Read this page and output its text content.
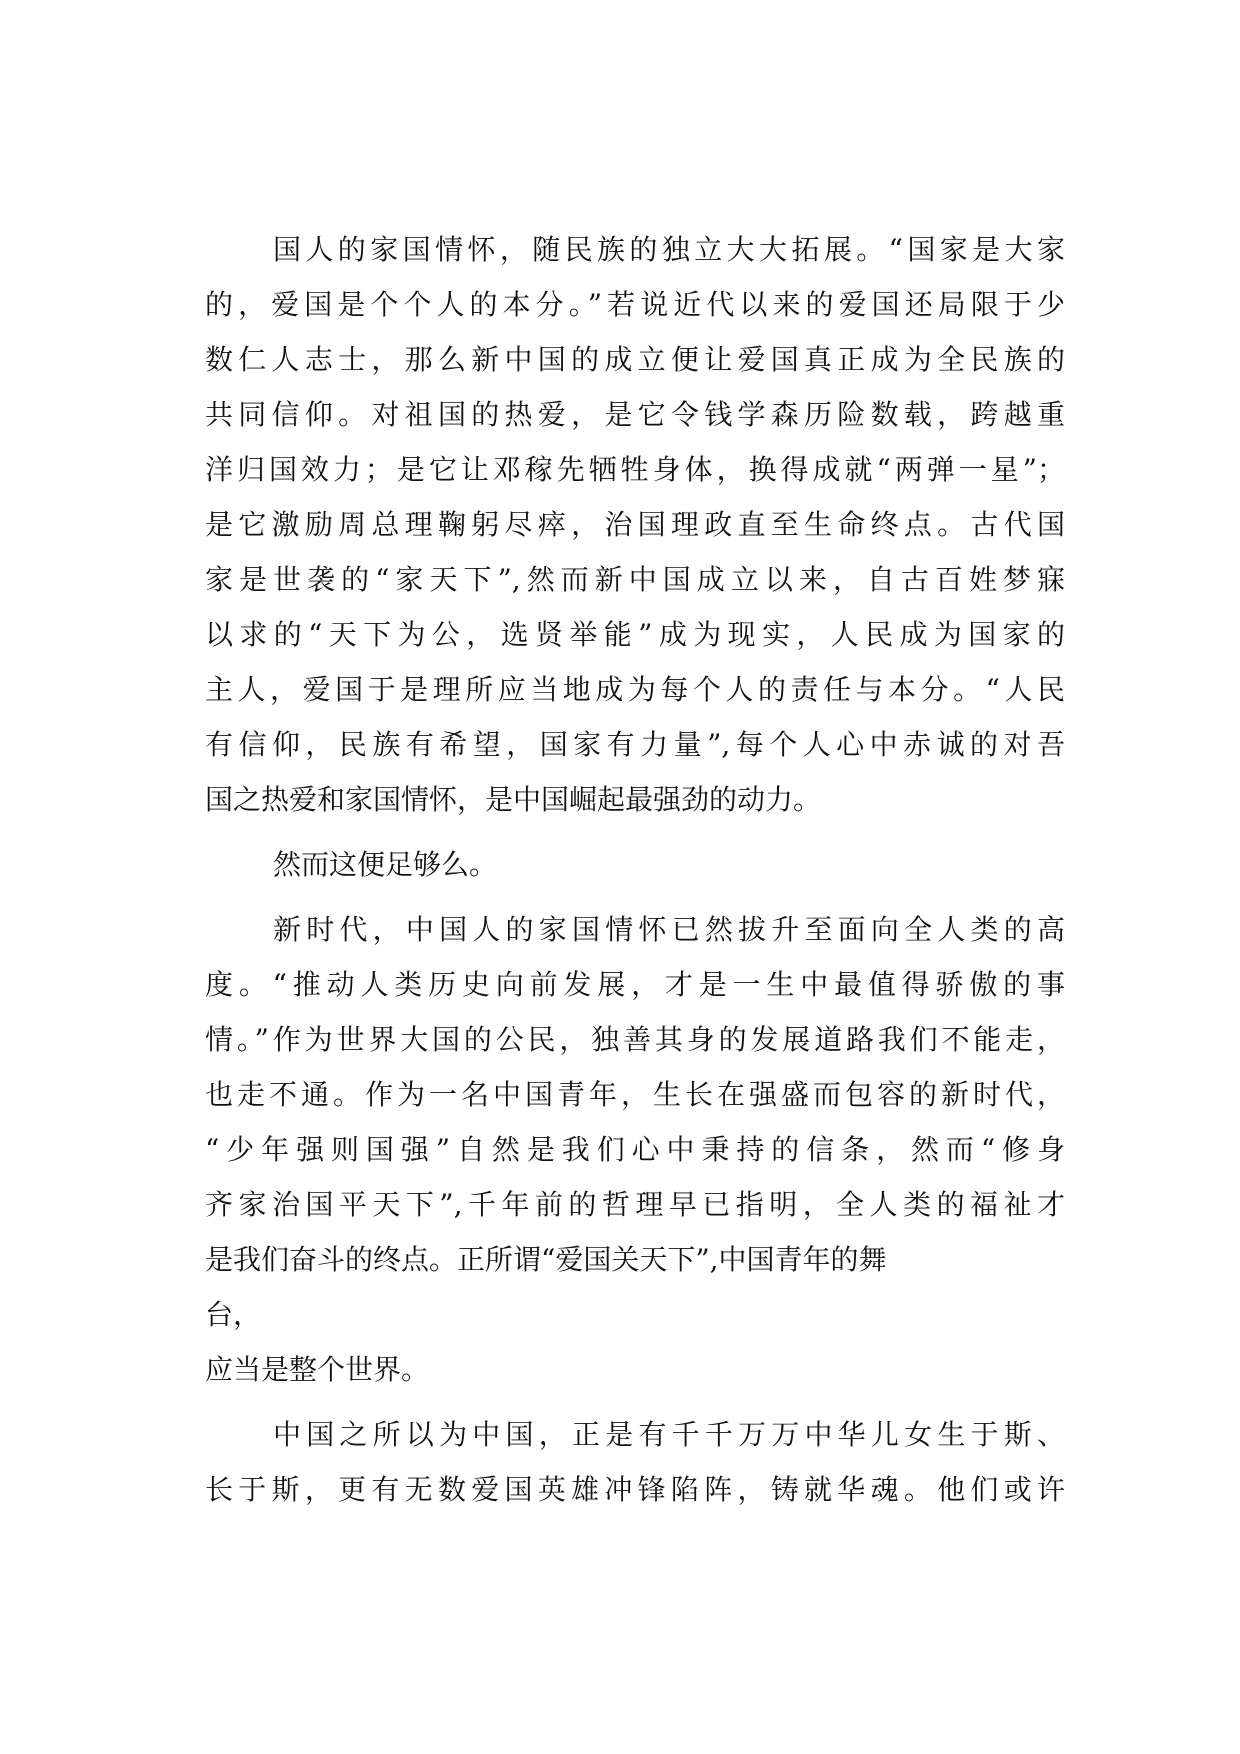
国人的家国情怀，随民族的独立大大拓展。“国家是大家
的，爱国是个个人的本分。”若说近代以来的爱国还局限于少
数仁人志士，那么新中国的成立便让爱国真正成为全民族的
共同信仰。对祖国的热爱，是它令钱学森历险数载，跨越重
洋归国效力；是它让邓稼先牺牲身体，换得成就“两弹一星”；
是它激励周总理鞠躬尽瘁，治国理政直至生命终点。古代国
家是世袭的“家天下”,然而新中国成立以来，自古百姓梦寐
以求的“天下为公，选贤举能”成为现实，人民成为国家的
主人，爱国于是理所应当地成为每个人的责任与本分。“人民
有信仰，民族有希望，国家有力量”,每个人心中赤诚的对吾
国之热爱和家国情怀，是中国崛起最强劲的动力。
然而这便足够么。
新时代，中国人的家国情怀已然拔升至面向全人类的高
度。“推动人类历史向前发展，才是一生中最值得骄傲的事
情。”作为世界大国的公民，独善其身的发展道路我们不能走，
也走不通。作为一名中国青年，生长在强盛而包容的新时代，
“少年强则国强”自然是我们心中秉持的信条，然而“修身
齐家治国平天下”,千年前的哲理早已指明，全人类的福祉才
是我们奋斗的终点。正所谓“爱国关天下”,中国青年的舞
台，
应当是整个世界。
中国之所以为中国，正是有千千万万中华儿女生于斯、
长于斯，更有无数爱国英雄冲锋陷阵，铸就华魂。他们或许
